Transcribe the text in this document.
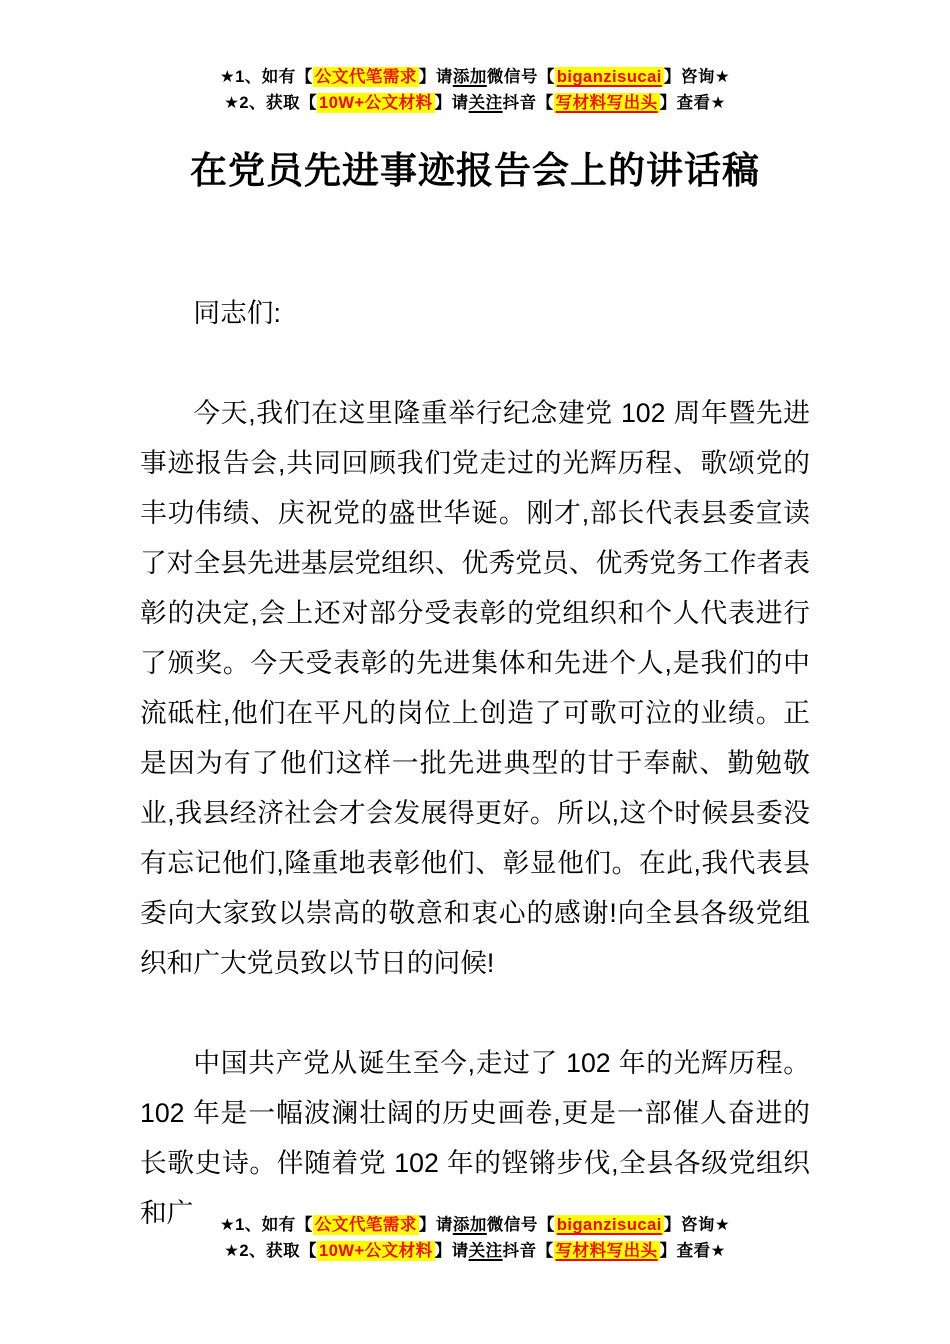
★1、如有【 公文代笔需求 】请添加微信号【 biganzisucai 】咨询★
★2、获取【 10W+公文材料 】请关注抖音【 写材料写出头 】查看★
在党员先进事迹报告会上的讲话稿

同志们:

今天,我们在这里隆重举行纪念建党 102 周年暨先进事迹报告会,共同回顾我们党走过的光辉历程、歌颂党的丰功伟绩、庆祝党的盛世华诞。刚才,部长代表县委宣读了对全县先进基层党组织、优秀党员、优秀党务工作者表彰的决定,会上还对部分受表彰的党组织和个人代表进行了颁奖。今天受表彰的先进集体和先进个人,是我们的中流砥柱,他们在平凡的岗位上创造了可歌可泣的业绩。正是因为有了他们这样一批先进典型的甘于奉献、勤勉敬业,我县经济社会才会发展得更好。所以,这个时候县委没有忘记他们,隆重地表彰他们、彰显他们。在此,我代表县委向大家致以崇高的敬意和衷心的感谢!向全县各级党组织和广大党员致以节日的问候!

中国共产党从诞生至今,走过了 102 年的光辉历程。102 年是一幅波澜壮阔的历史画卷,更是一部催人奋进的长歌史诗。伴随着党 102 年的铿锵步伐,全县各级党组织和广	★1、如有【 公文代笔需求 】请添加微信号【 biganzisucai 】咨询★
★2、获取【 10W+公文材料 】请关注抖音【 写材料写出头 】查看★
